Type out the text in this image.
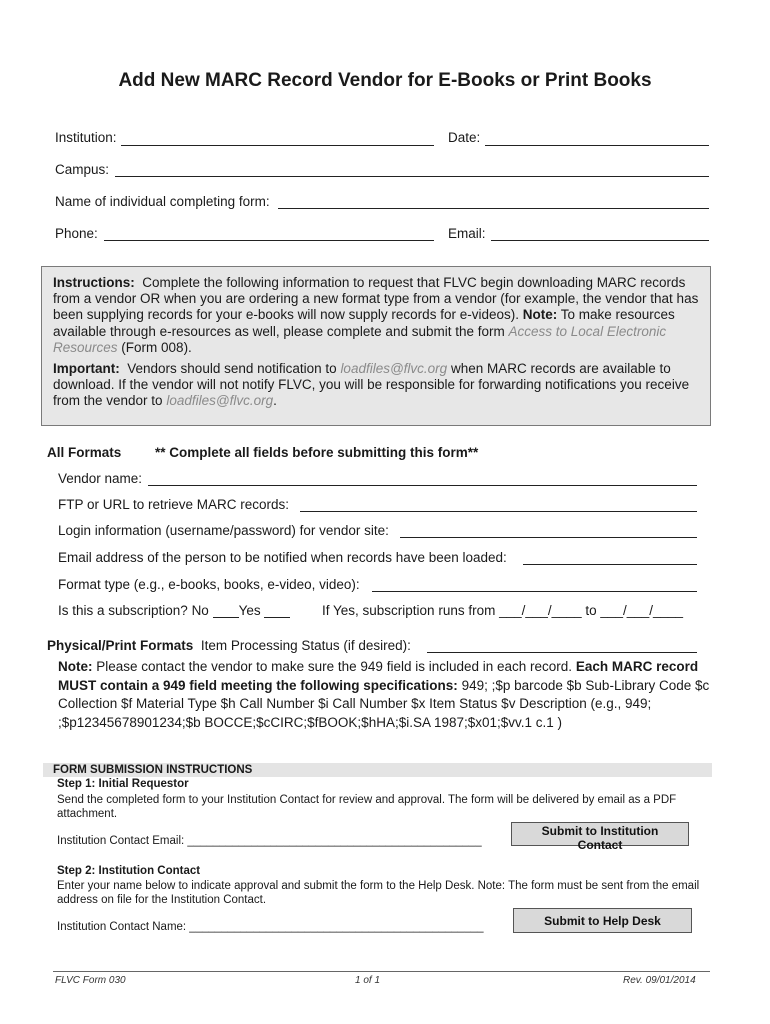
Add New MARC Record Vendor for E-Books or Print Books
Institution:	Date:
Campus:
Name of individual completing form:
Phone:	Email:

Instructions: Complete the following information to request that FLVC begin downloading MARC records from a vendor OR when you are ordering a new format type from a vendor (for example, the vendor that has been supplying records for your e-books will now supply records for e-videos). Note: To make resources available through e-resources as well, please complete and submit the form Access to Local Electronic Resources (Form 008).

Important: Vendors should send notification to loadfiles@flvc.org when MARC records are available to download. If the vendor will not notify FLVC, you will be responsible for forwarding notifications you receive from the vendor to loadfiles@flvc.org.

All Formats ** Complete all fields before submitting this form**
Vendor name:
FTP or URL to retrieve MARC records:
Login information (username/password) for vendor site:
Email address of the person to be notified when records have been loaded:
Format type (e.g., e-books, books, e-video, video):
Is this a subscription? No Yes	If Yes, subscription runs from ___/___/____ to ___/___/____
Physical/Print Formats Item Processing Status (if desired):
Note: Please contact the vendor to make sure the 949 field is included in each record. Each MARC record MUST contain a 949 field meeting the following specifications: 949; ;$p barcode $b Sub-Library Code $c Collection $f Material Type $h Call Number $i Call Number $x Item Status $v Description (e.g., 949; ;$p12345678901234;$b BOCCE;$cCIRC;$fBOOK;$hHA;$i.SA 1987;$x01;$vv.1 c.1 )
FORM SUBMISSION INSTRUCTIONS
Step 1: Initial Requestor
Send the completed form to your Institution Contact for review and approval. The form will be delivered by email as a PDF attachment.
Institution Contact Email: ______________________________________________
Submit to Institution Contact
Step 2: Institution Contact
Enter your name below to indicate approval and submit the form to the Help Desk. Note: The form must be sent from the email address on file for the Institution Contact.
Institution Contact Name: ______________________________________________	Submit to Help Desk
FLVC Form 030	1 of 1	Rev. 09/01/2014
